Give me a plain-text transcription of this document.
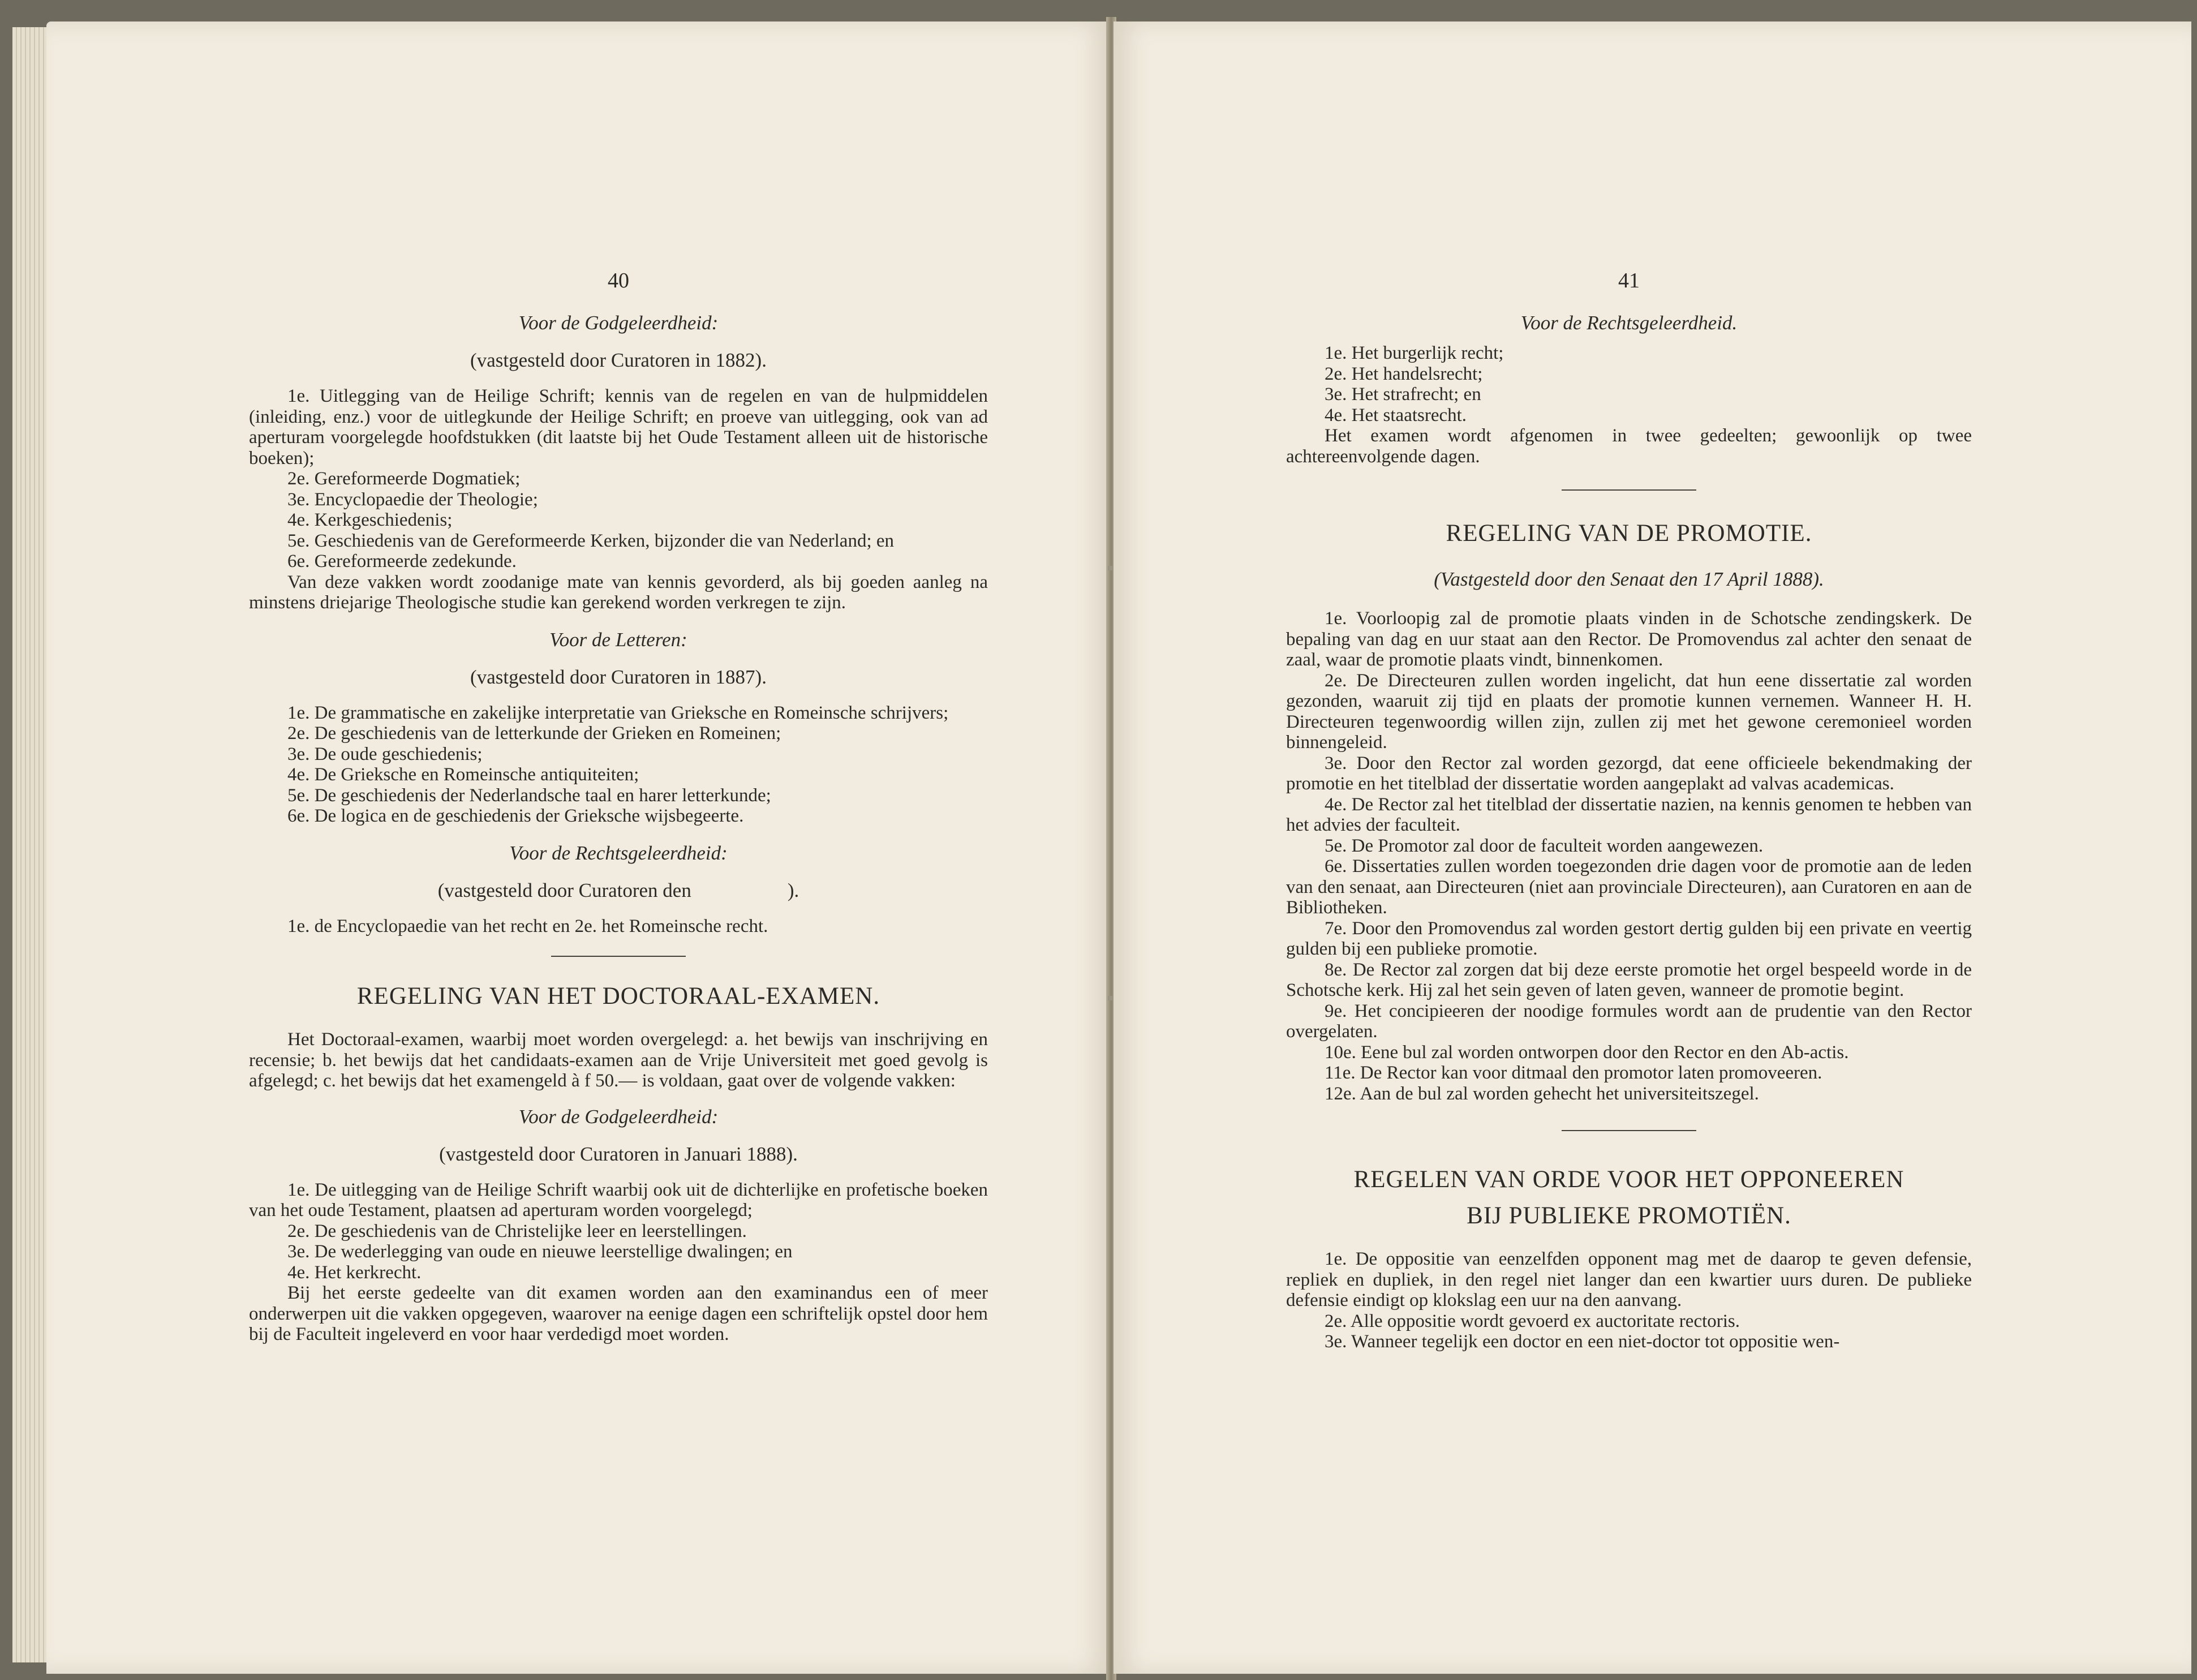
40
Voor de Godgeleerdheid:
(vastgesteld door Curatoren in 1882).

1e. Uitlegging van de Heilige Schrift; kennis van de regelen en van de hulpmiddelen (inleiding, enz.) voor de uitlegkunde der Heilige Schrift; en proeve van uitlegging, ook van ad aperturam voorgelegde hoofdstukken (dit laatste bij het Oude Testament alleen uit de historische boeken);

2e. Gereformeerde Dogmatiek;

3e. Encyclopaedie der Theologie;

4e. Kerkgeschiedenis;

5e. Geschiedenis van de Gereformeerde Kerken, bijzonder die van Nederland; en

6e. Gereformeerde zedekunde.

Van deze vakken wordt zoodanige mate van kennis gevorderd, als bij goeden aanleg na minstens driejarige Theologische studie kan gerekend worden verkregen te zijn.

Voor de Letteren:
(vastgesteld door Curatoren in 1887).

1e. De grammatische en zakelijke interpretatie van Grieksche en Romeinsche schrijvers;

2e. De geschiedenis van de letterkunde der Grieken en Romeinen;

3e. De oude geschiedenis;

4e. De Grieksche en Romeinsche antiquiteiten;

5e. De geschiedenis der Nederlandsche taal en harer letterkunde;

6e. De logica en de geschiedenis der Grieksche wijsbegeerte.

Voor de Rechtsgeleerdheid:
(vastgesteld door Curatoren den	).

1e. de Encyclopaedie van het recht en 2e. het Romeinsche recht.

REGELING VAN HET DOCTORAAL-EXAMEN.

Het Doctoraal-examen, waarbij moet worden overgelegd: a. het bewijs van inschrijving en recensie; b. het bewijs dat het candidaats-examen aan de Vrije Universiteit met goed gevolg is afgelegd; c. het bewijs dat het examengeld à f 50.— is voldaan, gaat over de volgende vakken:

Voor de Godgeleerdheid:
(vastgesteld door Curatoren in Januari 1888).

1e. De uitlegging van de Heilige Schrift waarbij ook uit de dichterlijke en profetische boeken van het oude Testament, plaatsen ad aperturam worden voorgelegd;

2e. De geschiedenis van de Christelijke leer en leerstellingen.

3e. De wederlegging van oude en nieuwe leerstellige dwalingen; en

4e. Het kerkrecht.

Bij het eerste gedeelte van dit examen worden aan den examinandus een of meer onderwerpen uit die vakken opgegeven, waarover na eenige dagen een schriftelijk opstel door hem bij de Faculteit ingeleverd en voor haar verdedigd moet worden.

41
Voor de Rechtsgeleerdheid.

1e. Het burgerlijk recht;

2e. Het handelsrecht;

3e. Het strafrecht; en

4e. Het staatsrecht.

Het examen wordt afgenomen in twee gedeelten; gewoonlijk op twee achtereenvolgende dagen.

REGELING VAN DE PROMOTIE.
(Vastgesteld door den Senaat den 17 April 1888).

1e. Voorloopig zal de promotie plaats vinden in de Schotsche zendingskerk. De bepaling van dag en uur staat aan den Rector. De Promovendus zal achter den senaat de zaal, waar de promotie plaats vindt, binnenkomen.

2e. De Directeuren zullen worden ingelicht, dat hun eene dissertatie zal worden gezonden, waaruit zij tijd en plaats der promotie kunnen vernemen. Wanneer H. H. Directeuren tegenwoordig willen zijn, zullen zij met het gewone ceremonieel worden binnengeleid.

3e. Door den Rector zal worden gezorgd, dat eene officieele bekendmaking der promotie en het titelblad der dissertatie worden aangeplakt ad valvas academicas.

4e. De Rector zal het titelblad der dissertatie nazien, na kennis genomen te hebben van het advies der faculteit.

5e. De Promotor zal door de faculteit worden aangewezen.

6e. Dissertaties zullen worden toegezonden drie dagen voor de promotie aan de leden van den senaat, aan Directeuren (niet aan provinciale Directeuren), aan Curatoren en aan de Bibliotheken.

7e. Door den Promovendus zal worden gestort dertig gulden bij een private en veertig gulden bij een publieke promotie.

8e. De Rector zal zorgen dat bij deze eerste promotie het orgel bespeeld worde in de Schotsche kerk. Hij zal het sein geven of laten geven, wanneer de promotie begint.

9e. Het concipieeren der noodige formules wordt aan de prudentie van den Rector overgelaten.

10e. Eene bul zal worden ontworpen door den Rector en den Ab-actis.

11e. De Rector kan voor ditmaal den promotor laten promoveeren.

12e. Aan de bul zal worden gehecht het universiteitszegel.

REGELEN VAN ORDE VOOR HET OPPONEEREN
BIJ PUBLIEKE PROMOTIËN.

1e. De oppositie van eenzelfden opponent mag met de daarop te geven defensie, repliek en dupliek, in den regel niet langer dan een kwartier uurs duren. De publieke defensie eindigt op klokslag een uur na den aanvang.

2e. Alle oppositie wordt gevoerd ex auctoritate rectoris.

3e. Wanneer tegelijk een doctor en een niet-doctor tot oppositie wen-
